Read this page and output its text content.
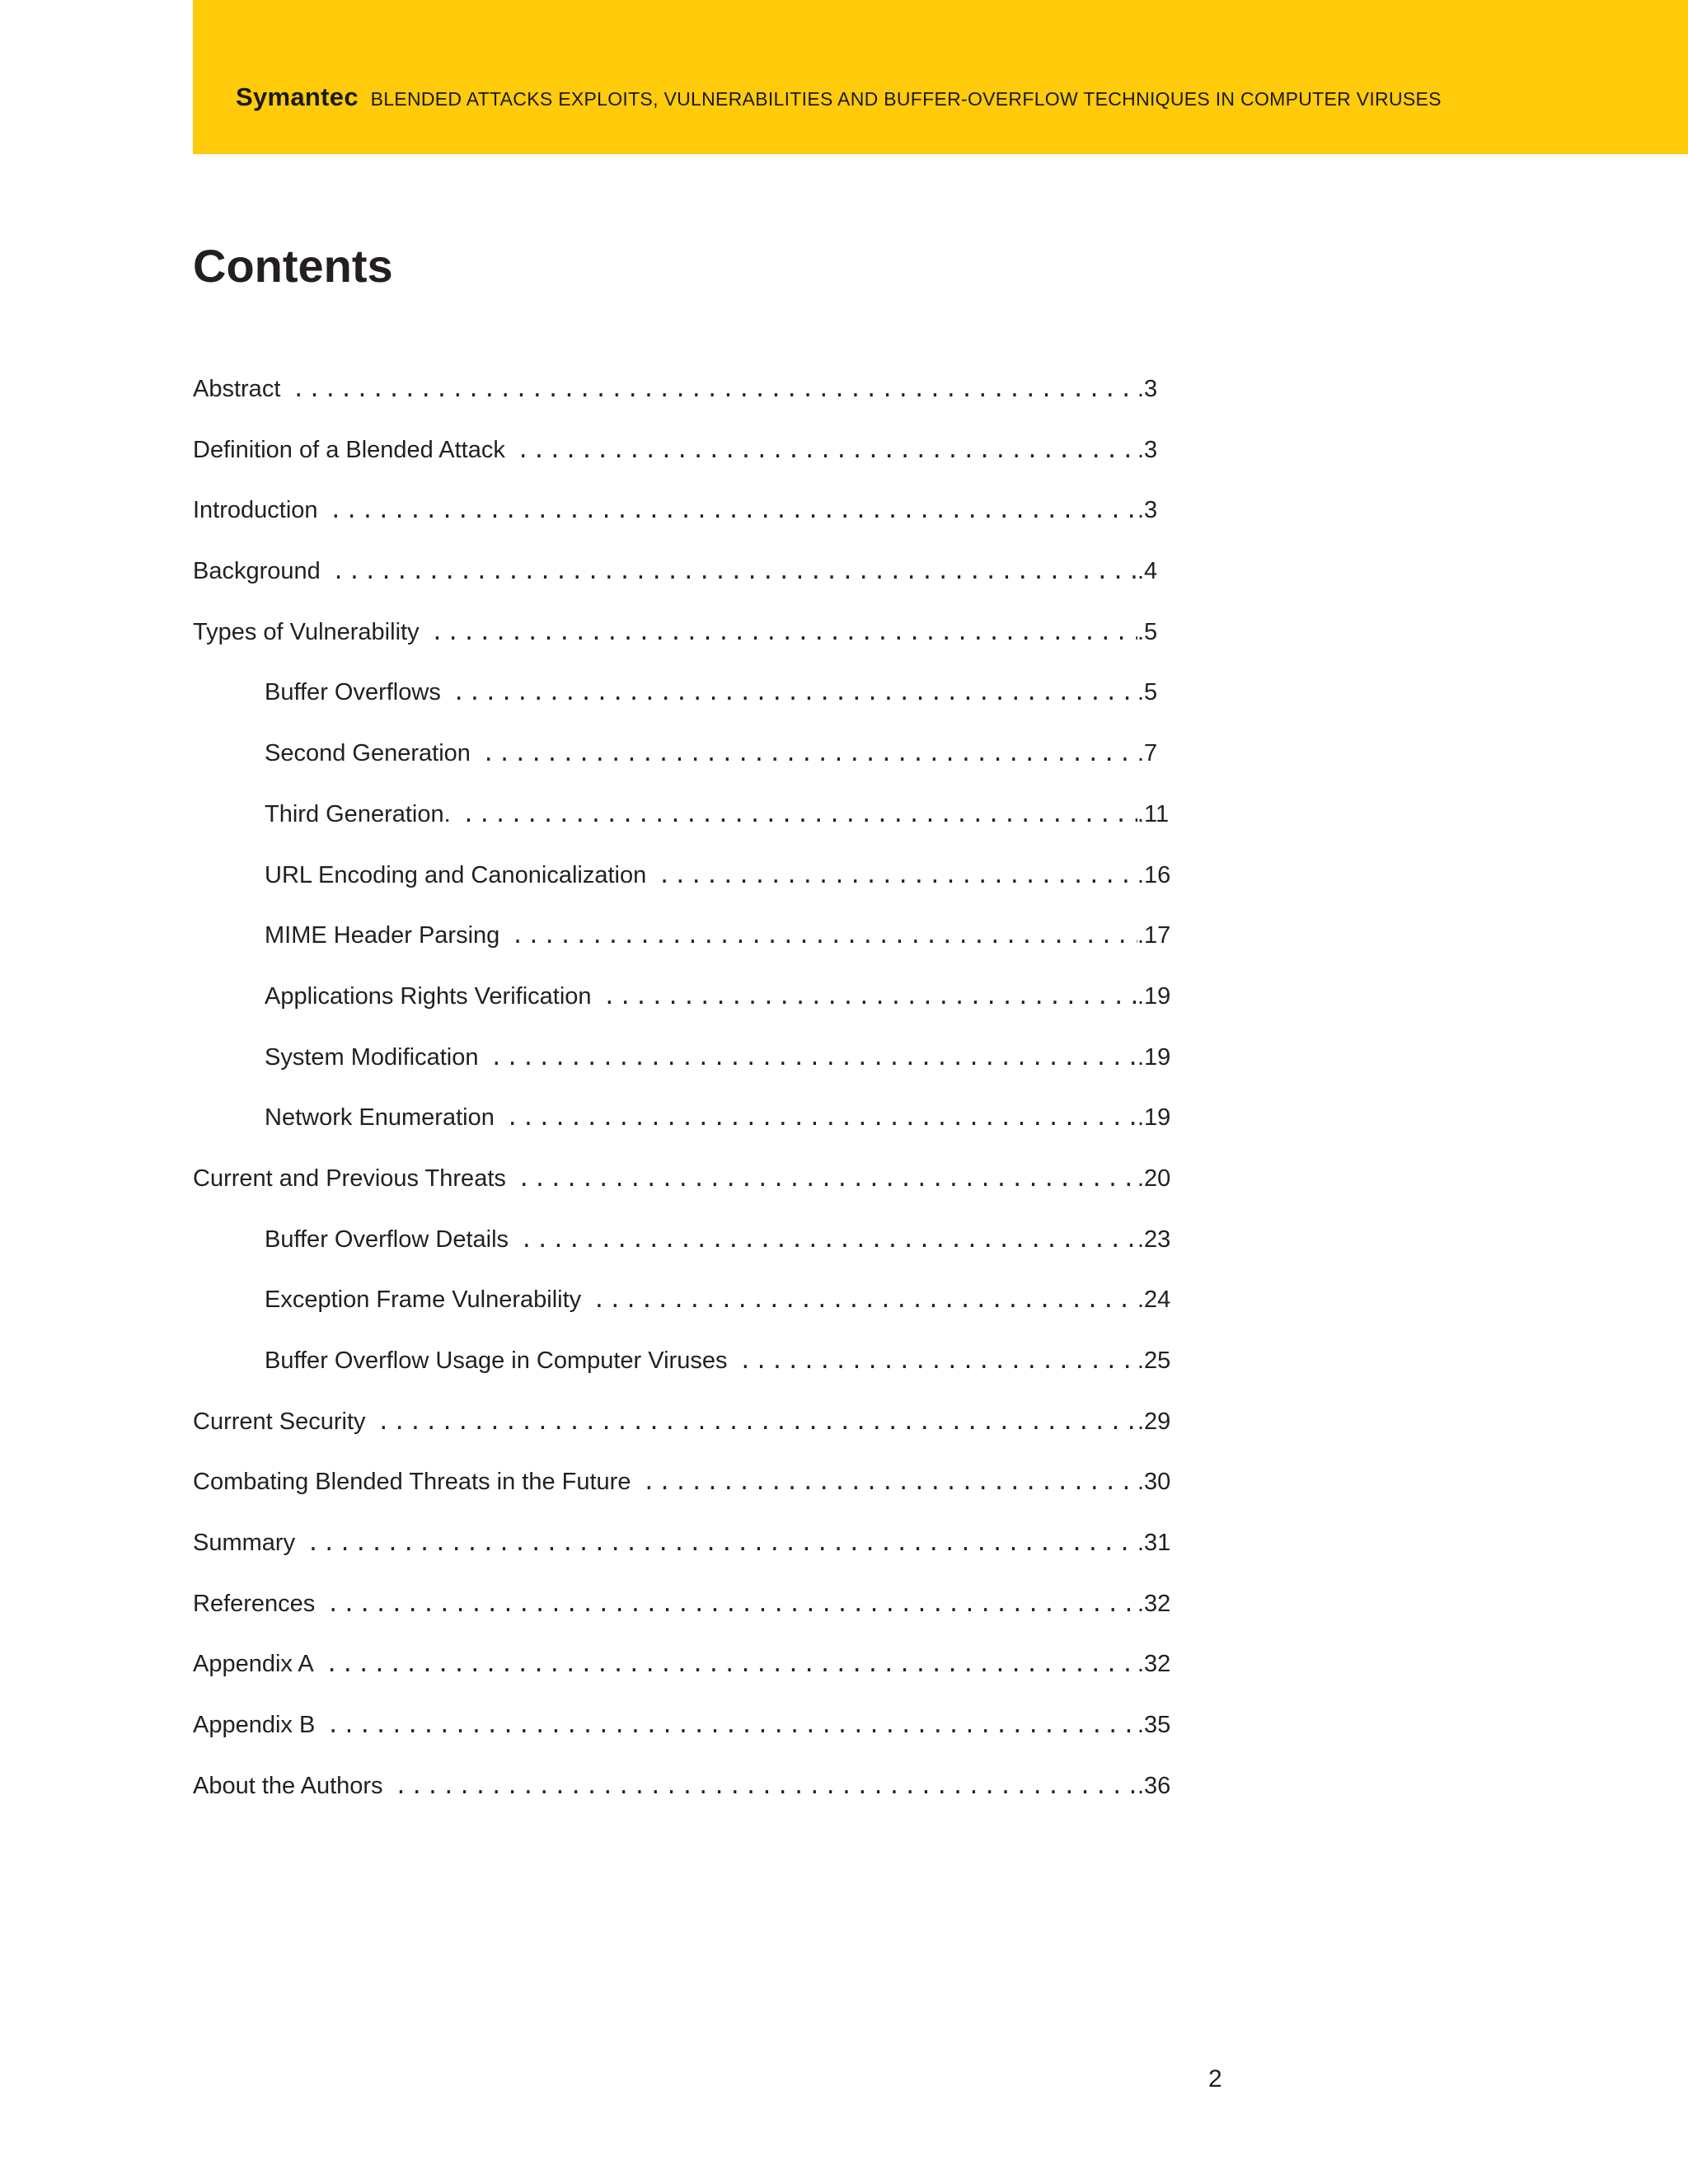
Symantec BLENDED ATTACKS EXPLOITS, VULNERABILITIES AND BUFFER-OVERFLOW TECHNIQUES IN COMPUTER VIRUSES
Contents
Abstract . . .	.3
Definition of a Blended Attack . . .	.3
Introduction . . .	.3
Background . . .	.4
Types of Vulnerability . . .	.5
Buffer Overflows . . .	.5
Second Generation . . .	.7
Third Generation. . . .	.11
URL Encoding and Canonicalization . . .	.16
MIME Header Parsing . . .	.17
Applications Rights Verification . . .	.19
System Modification . . .	.19
Network Enumeration . . .	.19
Current and Previous Threats . . .	.20
Buffer Overflow Details . . .	.23
Exception Frame Vulnerability . . .	.24
Buffer Overflow Usage in Computer Viruses . . .	.25
Current Security . . .	.29
Combating Blended Threats in the Future . . .	.30
Summary . . .	.31
References . . .	.32
Appendix A . . .	.32
Appendix B . . .	.35
About the Authors . . .	.36
2
